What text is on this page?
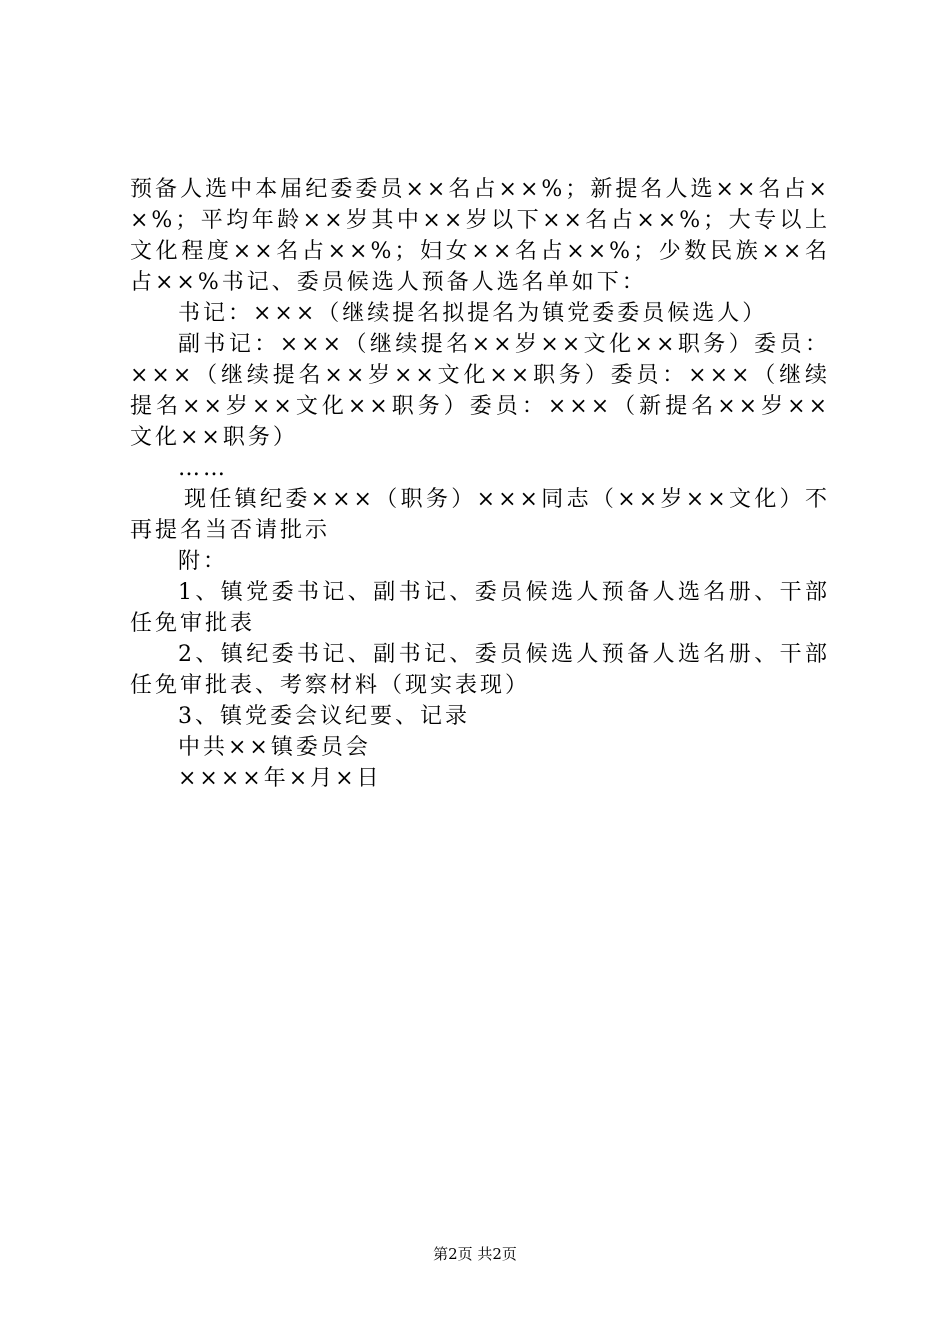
预备人选中本届纪委委员××名占××%；新提名人选××名占××%；平均年龄××岁其中××岁以下××名占××%；大专以上文化程度××名占××%；妇女××名占××%；少数民族××名占××%书记、委员候选人预备人选名单如下：

书记：×××（继续提名拟提名为镇党委委员候选人）

副书记：×××（继续提名××岁××文化××职务）委员：×××（继续提名××岁××文化××职务）委员：×××（继续提名××岁××文化××职务）委员：×××（新提名××岁××文化××职务）

……

现任镇纪委×××（职务）×××同志（××岁××文化）不再提名当否请批示

附：

1、镇党委书记、副书记、委员候选人预备人选名册、干部任免审批表

2、镇纪委书记、副书记、委员候选人预备人选名册、干部任免审批表、考察材料（现实表现）

3、镇党委会议纪要、记录

中共××镇委员会

××××年×月×日

第2页 共2页
